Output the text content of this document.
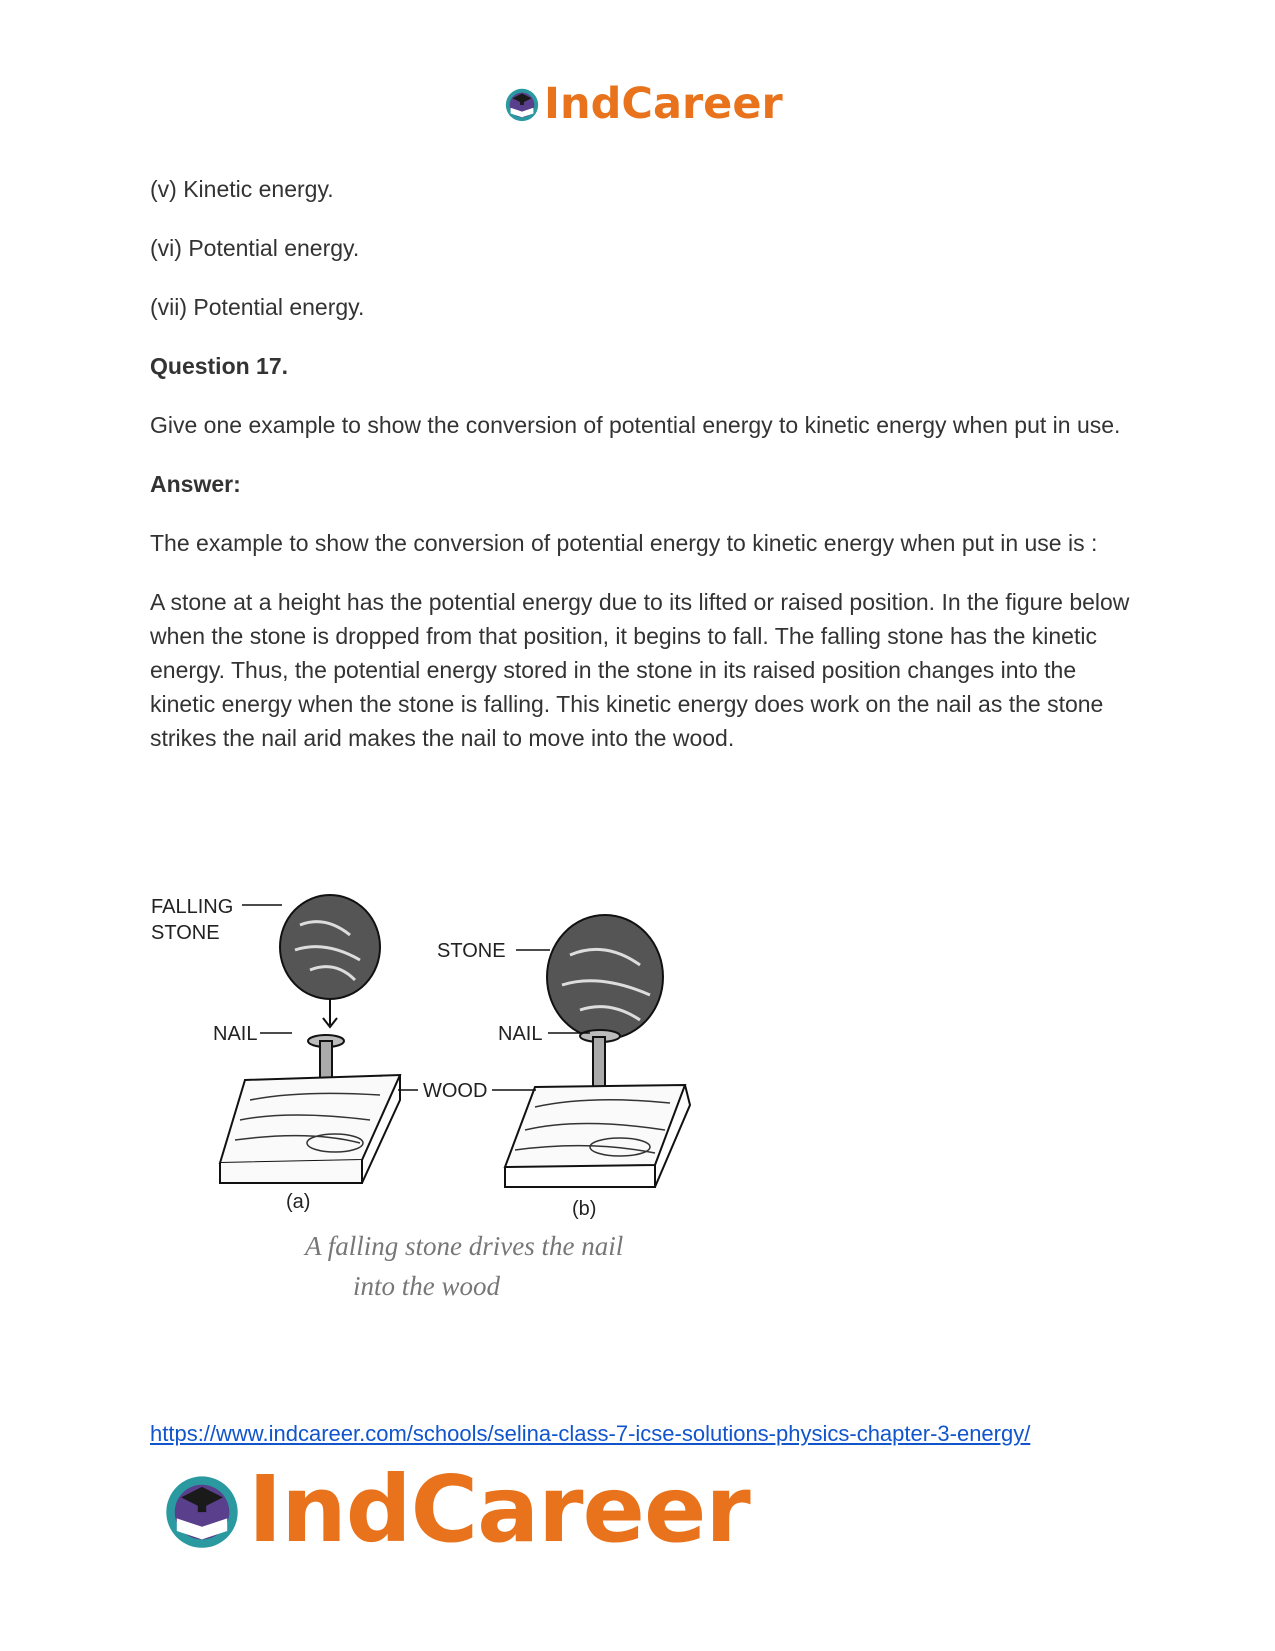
IndCareer

(v) Kinetic energy.

(vi) Potential energy.

(vii) Potential energy.

Question 17.

Give one example to show the conversion of potential energy to kinetic energy when put in use.

Answer:

The example to show the conversion of potential energy to kinetic energy when put in use is :

A stone at a height has the potential energy due to its lifted or raised position. In the figure below when the stone is dropped from that position, it begins to fall. The falling stone has the kinetic energy. Thus, the potential energy stored in the stone in its raised position changes into the kinetic energy when the stone is falling. This kinetic energy does work on the nail as the stone strikes the nail arid makes the nail to move into the wood.

FALLING
STONE
STONE
NAIL	NAIL
WOOD
(a)	(b)
A falling stone drives the nail
into the wood
https://www.indcareer.com/schools/selina-class-7-icse-solutions-physics-chapter-3-energy/
IndCareer
